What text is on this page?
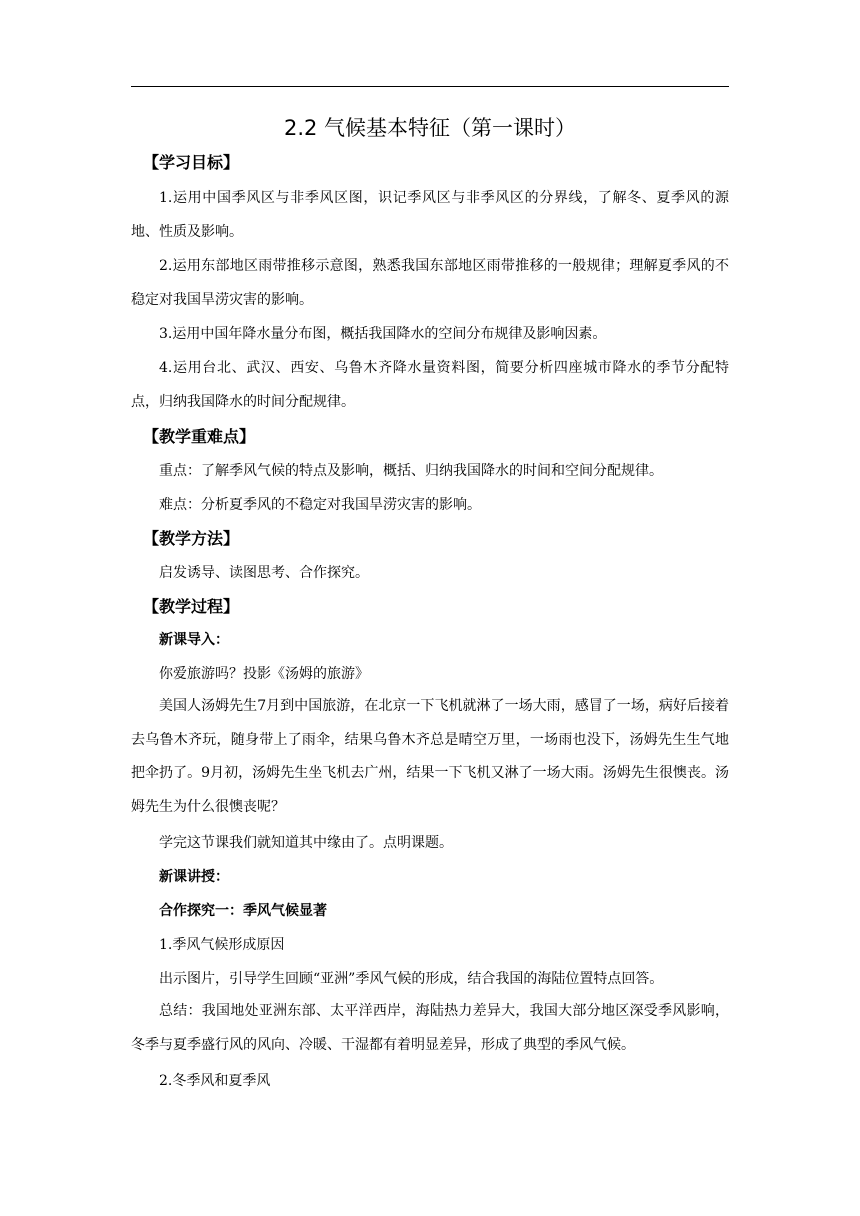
2.2 气候基本特征（第一课时）
【学习目标】
1.运用中国季风区与非季风区图，识记季风区与非季风区的分界线，了解冬、夏季风的源地、性质及影响。
2.运用东部地区雨带推移示意图，熟悉我国东部地区雨带推移的一般规律；理解夏季风的不稳定对我国旱涝灾害的影响。
3.运用中国年降水量分布图，概括我国降水的空间分布规律及影响因素。
4.运用台北、武汉、西安、乌鲁木齐降水量资料图，简要分析四座城市降水的季节分配特点，归纳我国降水的时间分配规律。
【教学重难点】
重点：了解季风气候的特点及影响，概括、归纳我国降水的时间和空间分配规律。
难点：分析夏季风的不稳定对我国旱涝灾害的影响。
【教学方法】
启发诱导、读图思考、合作探究。
【教学过程】
新课导入：
你爱旅游吗？投影《汤姆的旅游》
美国人汤姆先生7月到中国旅游，在北京一下飞机就淋了一场大雨，感冒了一场，病好后接着去乌鲁木齐玩，随身带上了雨伞，结果乌鲁木齐总是晴空万里，一场雨也没下，汤姆先生生气地把伞扔了。9月初，汤姆先生坐飞机去广州，结果一下飞机又淋了一场大雨。汤姆先生很懊丧。汤姆先生为什么很懊丧呢？
学完这节课我们就知道其中缘由了。点明课题。
新课讲授：
合作探究一：季风气候显著
1.季风气候形成原因
出示图片，引导学生回顾“亚洲”季风气候的形成，结合我国的海陆位置特点回答。
总结：我国地处亚洲东部、太平洋西岸，海陆热力差异大，我国大部分地区深受季风影响，冬季与夏季盛行风的风向、冷暖、干湿都有着明显差异，形成了典型的季风气候。
2.冬季风和夏季风
